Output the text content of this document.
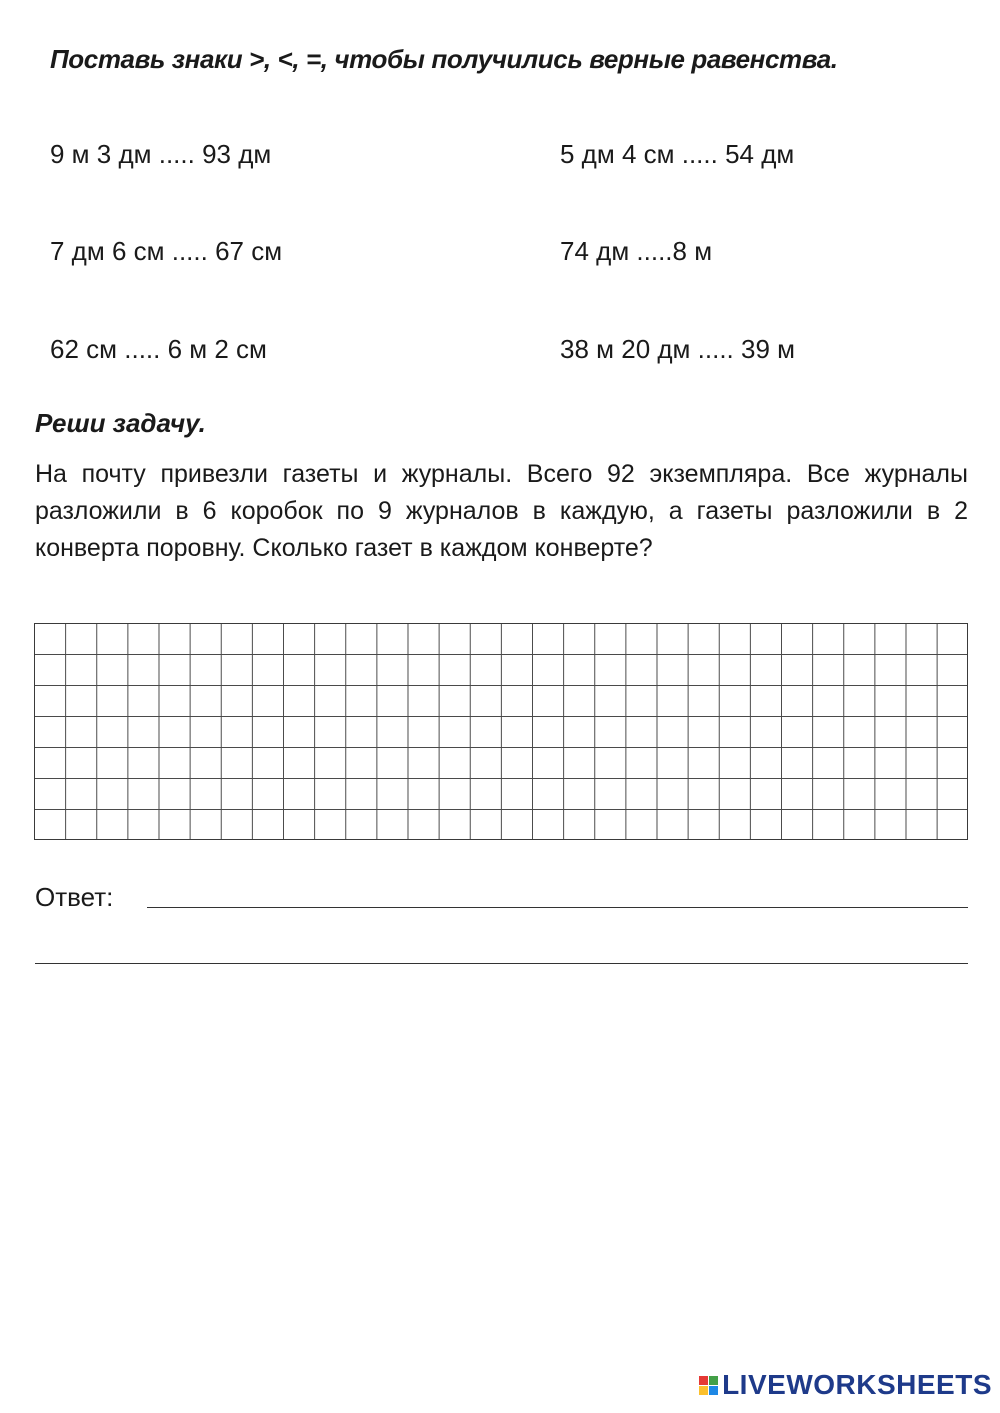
Поставь знаки >, <, =, чтобы получились верные равенства.
9 м 3 дм ..... 93 дм	5 дм 4 см ..... 54 дм
7 дм 6 см ..... 67 см	74 дм .....8 м
62 см ..... 6 м 2 см	38 м 20 дм ..... 39 м
Реши задачу.
На почту привезли газеты и журналы. Всего 92 экземпляра. Все журналы разложили в 6 коробок по 9 журналов в каждую, а газеты разложили в 2 конверта поровну. Сколько газет в каждом конверте?
Ответ:
LIVEWORKSHEETS
